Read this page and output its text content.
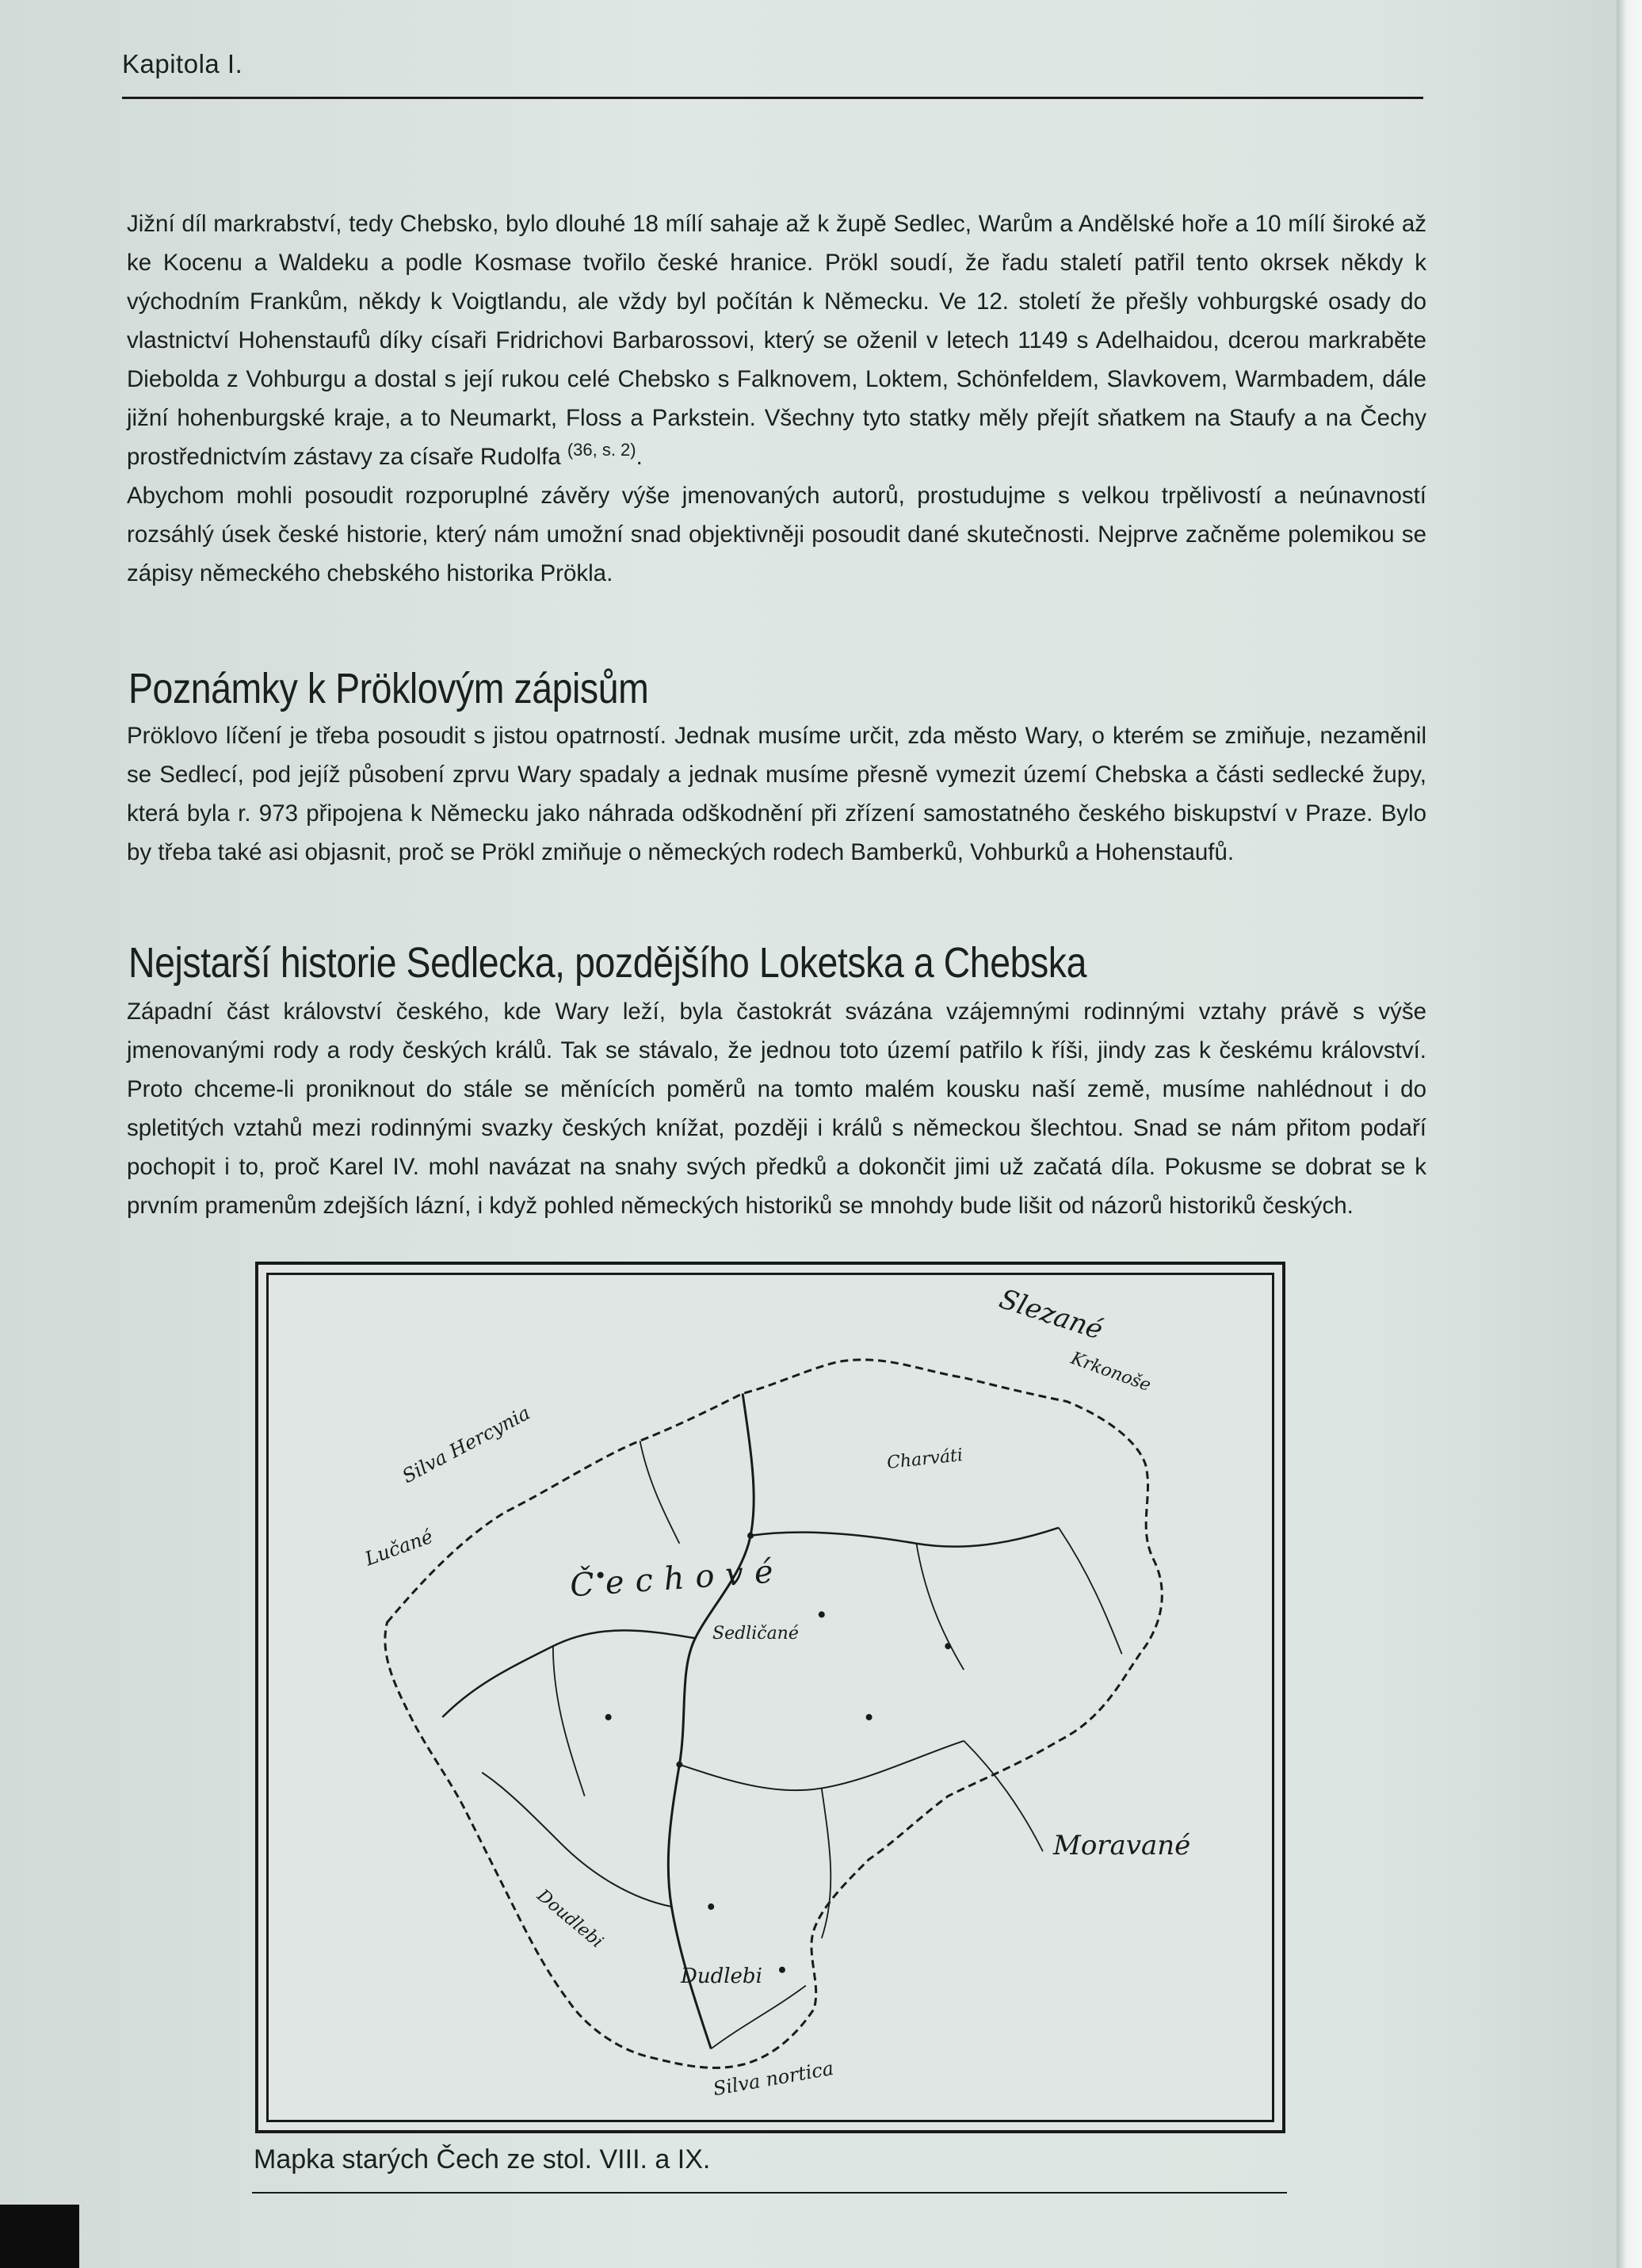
Kapitola I.

Jižní díl markrabství, tedy Chebsko, bylo dlouhé 18 mílí sahaje až k župě Sedlec, Warům a Andělské hoře a 10 mílí široké až ke Kocenu a Waldeku a podle Kosmase tvořilo české hranice. Prökl soudí, že řadu staletí patřil tento okrsek někdy k východním Frankům, někdy k Voigtlandu, ale vždy byl počítán k Německu. Ve 12. století že přešly vohburgské osady do vlastnictví Hohenstaufů díky císaři Fridrichovi Barbarossovi, který se oženil v letech 1149 s Adelhaidou, dcerou markraběte Diebolda z Vohburgu a dostal s její rukou celé Chebsko s Falknovem, Loktem, Schönfeldem, Slavkovem, Warmbadem, dále jižní hohenburgské kraje, a to Neumarkt, Floss a Parkstein. Všechny tyto statky měly přejít sňatkem na Staufy a na Čechy prostřednictvím zástavy za císaře Rudolfa $^{(36, s. 2)}$.

Abychom mohli posoudit rozporuplné závěry výše jmenovaných autorů, prostudujme s velkou trpělivostí a neúnavností rozsáhlý úsek české historie, který nám umožní snad objektivněji posoudit dané skutečnosti. Nejprve začněme polemikou se zápisy německého chebského historika Prökla.

Poznámky k Pröklovým zápisům

Pröklovo líčení je třeba posoudit s jistou opatrností. Jednak musíme určit, zda město Wary, o kterém se zmiňuje, nezaměnil se Sedlecí, pod jejíž působení zprvu Wary spadaly a jednak musíme přesně vymezit území Chebska a části sedlecké župy, která byla r. 973 připojena k Německu jako náhrada odškodnění při zřízení samostatného českého biskupství v Praze. Bylo by třeba také asi objasnit, proč se Prökl zmiňuje o německých rodech Bamberků, Vohburků a Hohenstaufů.

Nejstarší historie Sedlecka, pozdějšího Loketska a Chebska

Západní část království českého, kde Wary leží, byla častokrát svázána vzájemnými rodinnými vztahy právě s výše jmenovanými rody a rody českých králů. Tak se stávalo, že jednou toto území patřilo k říši, jindy zas k českému království. Proto chceme-li proniknout do stále se měnících poměrů na tomto malém kousku naší země, musíme nahlédnout i do spletitých vztahů mezi rodinnými svazky českých knížat, později i králů s německou šlechtou. Snad se nám přitom podaří pochopit i to, proč Karel IV. mohl navázat na snahy svých předků a dokončit jimi už začatá díla. Pokusme se dobrat se k prvním pramenům zdejších lázní, i když pohled německých historiků se mnohdy bude lišit od názorů historiků českých.

Slezané
Krkonoše
Čechové
Moravané
Charváti
Lučané
Sedličané
Dudlebi
Doudlebi
Silva nortica
Silva Hercynia
Mapka starých Čech ze stol. VIII. a IX.
